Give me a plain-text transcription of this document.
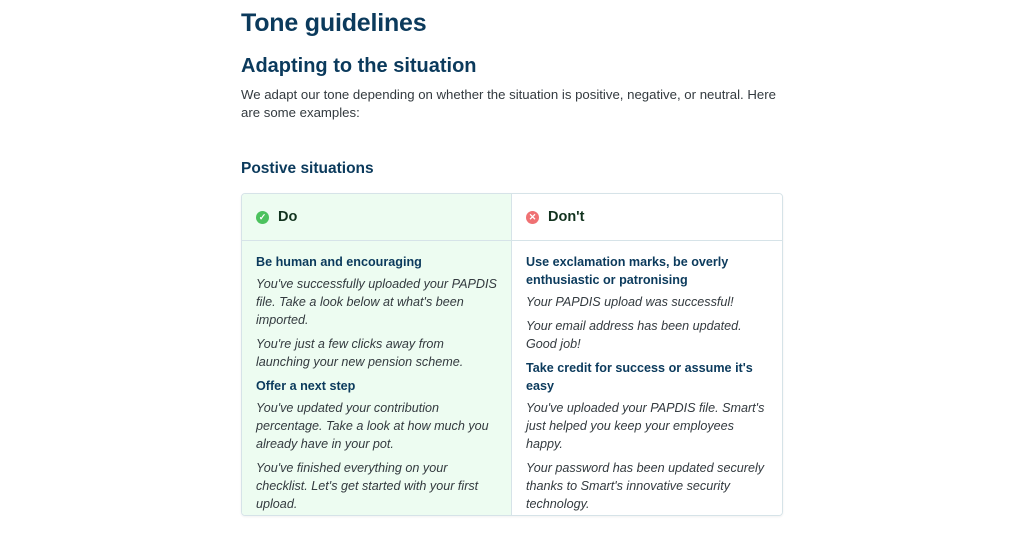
Tone guidelines
Adapting to the situation

We adapt our tone depending on whether the situation is positive, negative, or neutral. Here are some examples:

Postive situations
✓ Do

Be human and encouraging

You've successfully uploaded your PAPDIS file. Take a look below at what's been imported.

You're just a few clicks away from launching your new pension scheme.

Offer a next step

You've updated your contribution percentage. Take a look at how much you already have in your pot.

You've finished everything on your checklist. Let's get started with your first upload.

✕ Don't

Use exclamation marks, be overly enthusiastic or patronising

Your PAPDIS upload was successful!

Your email address has been updated. Good job!

Take credit for success or assume it's easy

You've uploaded your PAPDIS file. Smart's just helped you keep your employees happy.

Your password has been updated securely thanks to Smart's innovative security technology.
